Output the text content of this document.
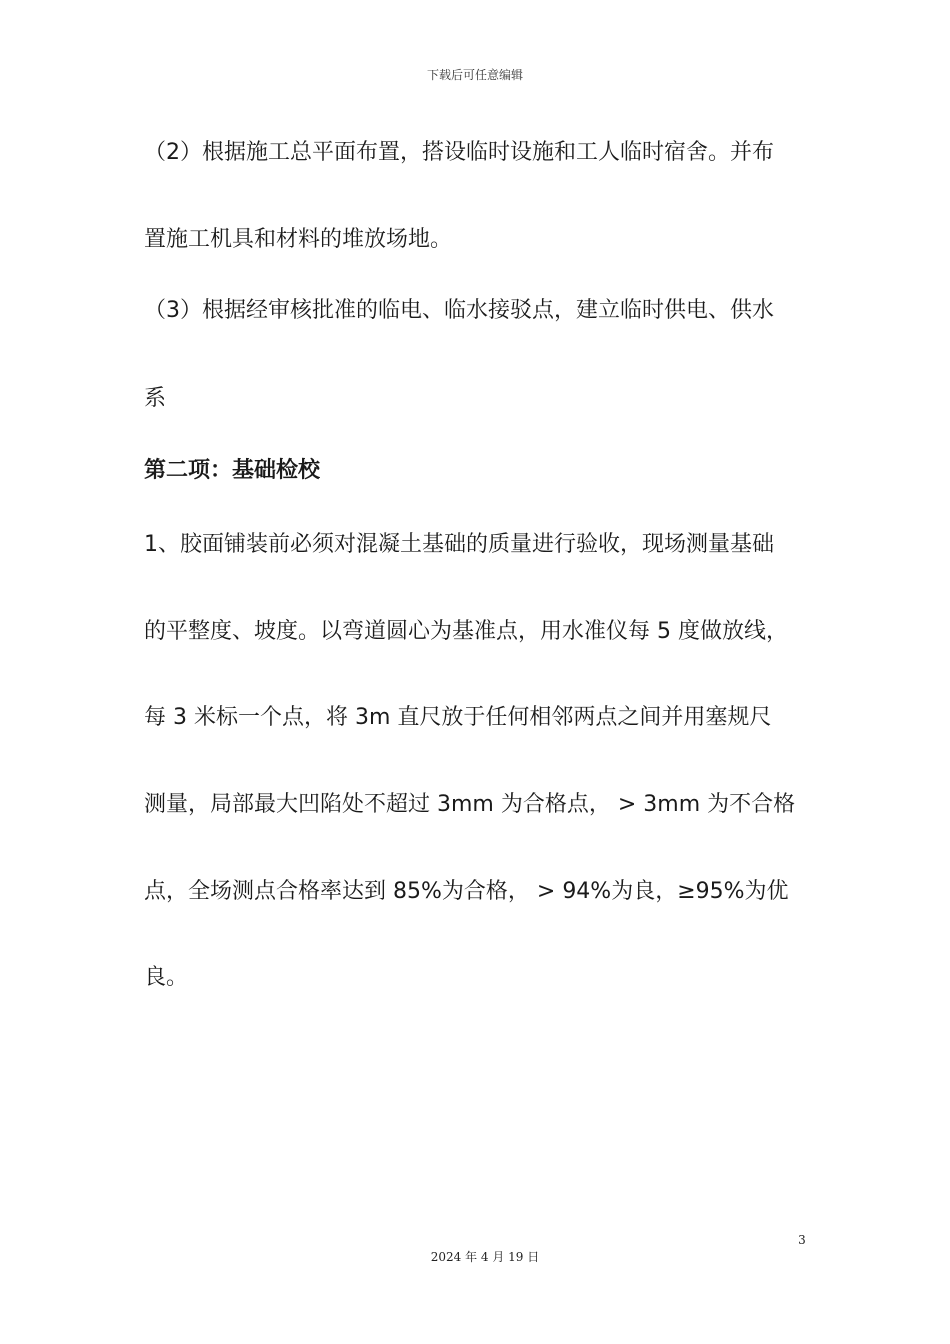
下载后可任意编辑
（2）根据施工总平面布置，搭设临时设施和工人临时宿舍。并布
置施工机具和材料的堆放场地。
（3）根据经审核批准的临电、临水接驳点，建立临时供电、供水
系
第二项：基础检校
1、胶面铺装前必须对混凝土基础的质量进行验收，现场测量基础
的平整度、坡度。以弯道圆心为基准点，用水准仪每 5 度做放线，
每 3 米标一个点，将 3m 直尺放于任何相邻两点之间并用塞规尺
测量，局部最大凹陷处不超过 3mm 为合格点， > 3mm 为不合格
点，全场测点合格率达到 85%为合格， > 94%为良，≥95%为优
良。
3
2024 年 4 月 19 日
